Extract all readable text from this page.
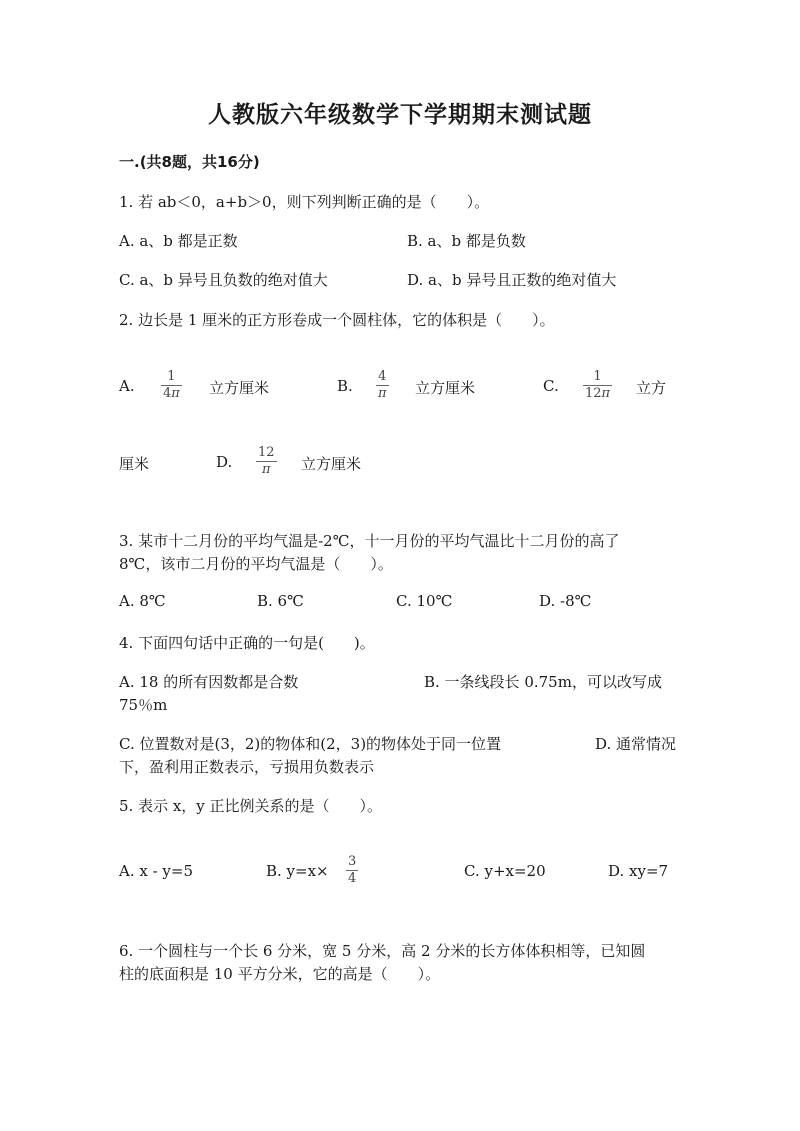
人教版六年级数学下学期期末测试题
一.(共8题，共16分)
1. 若 ab＜0，a+b＞0，则下列判断正确的是（　　）。
A. a、b 都是正数	B. a、b 都是负数
C. a、b 异号且负数的绝对值大	D. a、b 异号且正数的绝对值大
2. 边长是 1 厘米的正方形卷成一个圆柱体，它的体积是（　　）。
A.
1
4π 立方厘米	B.
4
π 立方厘米	C.
1
12π 立方
厘米	D.
12
π	立方厘米
3. 某市十二月份的平均气温是-2℃，十一月份的平均气温比十二月份的高了
8℃，该市二月份的平均气温是（　　）。
A. 8℃	B. 6℃	C. 10℃	D. -8℃
4. 下面四句话中正确的一句是(　　)。
A. 18 的所有因数都是合数	B. 一条线段长 0.75m，可以改写成
75％m
C. 位置数对是(3，2)的物体和(2，3)的物体处于同一位置	D. 通常情况
下，盈利用正数表示，亏损用负数表示
5. 表示 x，y 正比例关系的是（　　）。
A. x - y=5	B. y=x×
3
4	C. y+x=20	D. xy=7
6. 一个圆柱与一个长 6 分米，宽 5 分米，高 2 分米的长方体体积相等，已知圆
柱的底面积是 10 平方分米，它的高是（　　）。
